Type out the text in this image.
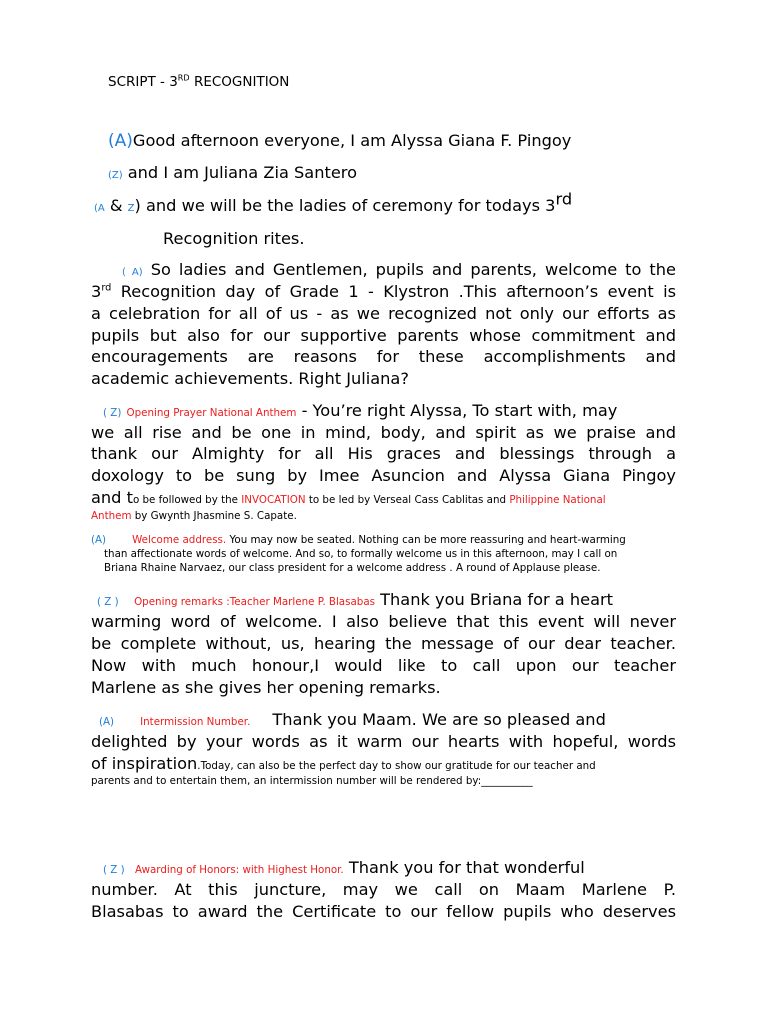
SCRIPT - 3RD RECOGNITION
(A)Good afternoon everyone, I am Alyssa Giana F. Pingoy
(Z) and I am Juliana Zia Santero
(A & Z) and we will be the ladies of ceremony for todays 3rd
Recognition rites.
( A) So ladies and Gentlemen, pupils and parents, welcome to the
3rd Recognition day of Grade 1 - Klystron .This afternoon’s event is
a celebration for all of us - as we recognized not only our efforts as
pupils but also for our supportive parents whose commitment and
encouragements are reasons for these accomplishments and
academic achievements. Right Juliana?
( Z) Opening Prayer National Anthem - You’re right Alyssa, To start with, may
we all rise and be one in mind, body, and spirit as we praise and
thank our Almighty for all His graces and blessings through a
doxology to be sung by Imee Asuncion and Alyssa Giana Pingoy
and to be followed by the INVOCATION to be led by Verseal Cass Cablitas and Philippine National
Anthem by Gwynth Jhasmine S. Capate.
(A)	Welcome address. You may now be seated. Nothing can be more reassuring and heart-warming
than affectionate words of welcome. And so, to formally welcome us in this afternoon, may I call on
Briana Rhaine Narvaez, our class president for a welcome address . A round of Applause please.
( Z ) Opening remarks :Teacher Marlene P. Blasabas Thank you Briana for a heart
warming word of welcome. I also believe that this event will never
be complete without, us, hearing the message of our dear teacher.
Now with much honour,I would like to call upon our teacher
Marlene as she gives her opening remarks.
(A)	Intermission Number. Thank you Maam. We are so pleased and
delighted by your words as it warm our hearts with hopeful, words
of inspiration.Today, can also be the perfect day to show our gratitude for our teacher and
parents and to entertain them, an intermission number will be rendered by:__________
( Z ) Awarding of Honors: with Highest Honor. Thank you for that wonderful
number. At this juncture, may we call on Maam Marlene P.
Blasabas to award the Certificate to our fellow pupils who deserves
